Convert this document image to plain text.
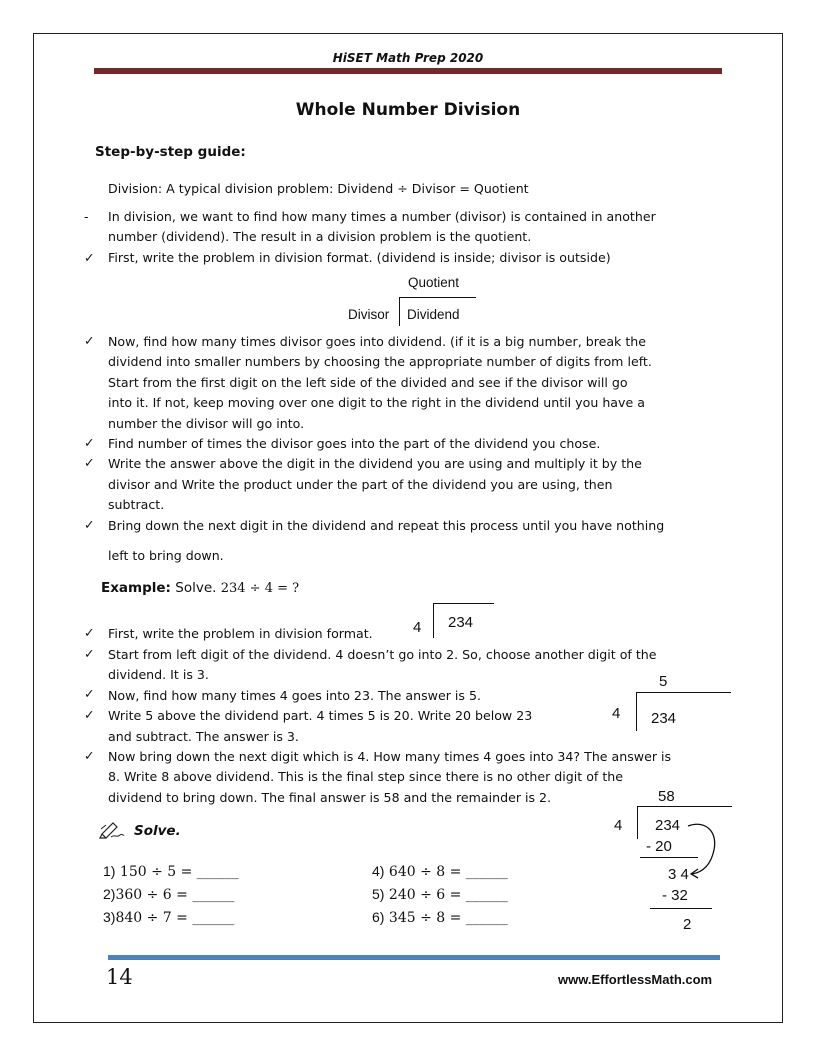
HiSET Math Prep 2020
Whole Number Division
Step-by-step guide:
Division: A typical division problem: Dividend ÷ Divisor = Quotient
-
✓
✓
✓
✓
✓
In division, we want to find how many times a number (divisor) is contained in another
number (dividend). The result in a division problem is the quotient.
First, write the problem in division format. (dividend is inside; divisor is outside)
Quotient
Divisor Dividend
Now, find how many times divisor goes into dividend. (if it is a big number, break the
dividend into smaller numbers by choosing the appropriate number of digits from left.
Start from the first digit on the left side of the divided and see if the divisor will go
into it. If not, keep moving over one digit to the right in the dividend until you have a
number the divisor will go into.
Find number of times the divisor goes into the part of the dividend you chose.
Write the answer above the digit in the dividend you are using and multiply it by the
divisor and Write the product under the part of the dividend you are using, then
subtract.
Bring down the next digit in the dividend and repeat this process until you have nothing
left to bring down.
Example: Solve. 234 ÷ 4 = ?
✓
✓
✓
✓
✓
First, write the problem in division format.
Start from left digit of the dividend. 4 doesn’t go into 2. So, choose another digit of the
dividend. It is 3.
Now, find how many times 4 goes into 23. The answer is 5.
Write 5 above the dividend part. 4 times 5 is 20. Write 20 below 23
and subtract. The answer is 3.
Now bring down the next digit which is 4. How many times 4 goes into 34? The answer is
8. Write 8 above dividend. This is the final step since there is no other digit of the
dividend to bring down. The final answer is 58 and the remainder is 2.
4 234
5
4 234
58
4 234
- 20
3 4
- 32
2
Solve.
1) 150 ÷ 5 = ______
2)360 ÷ 6 = ______
3)840 ÷ 7 = ______
4) 640 ÷ 8 = ______
5) 240 ÷ 6 = ______
6) 345 ÷ 8 = ______
14	www.EffortlessMath.com
